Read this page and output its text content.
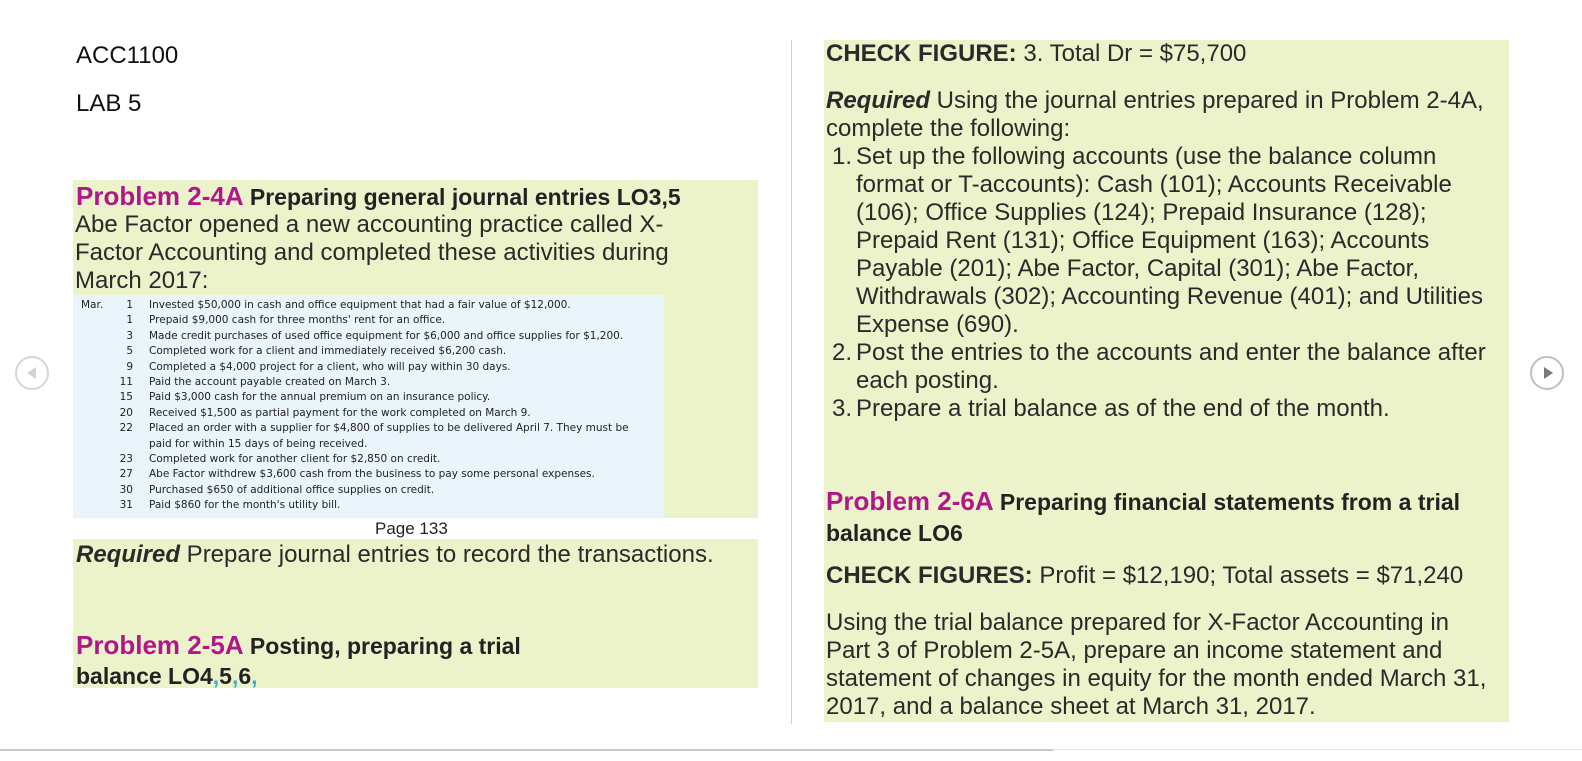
ACC1100
LAB 5
Problem 2-4A Preparing general journal entries LO3,5
Abe Factor opened a new accounting practice called X-Factor Accounting and completed these activities during March 2017:
Mar.	1	Invested $50,000 in cash and office equipment that had a fair value of $12,000.
	1	Prepaid $9,000 cash for three months' rent for an office.
	3	Made credit purchases of used office equipment for $6,000 and office supplies for $1,200.
	5	Completed work for a client and immediately received $6,200 cash.
	9	Completed a $4,000 project for a client, who will pay within 30 days.
	11	Paid the account payable created on March 3.
	15	Paid $3,000 cash for the annual premium on an insurance policy.
	20	Received $1,500 as partial payment for the work completed on March 9.
	22	Placed an order with a supplier for $4,800 of supplies to be delivered April 7. They must be paid for within 15 days of being received.
	23	Completed work for another client for $2,850 on credit.
	27	Abe Factor withdrew $3,600 cash from the business to pay some personal expenses.
	30	Purchased $650 of additional office supplies on credit.
	31	Paid $860 for the month's utility bill.
Page 133
Required Prepare journal entries to record the transactions.
Problem 2-5A Posting, preparing a trial
balance LO4,5,6,
CHECK FIGURE: 3. Total Dr = $75,700
Required Using the journal entries prepared in Problem 2-4A, complete the following:
1. Set up the following accounts (use the balance column format or T-accounts): Cash (101); Accounts Receivable (106); Office Supplies (124); Prepaid Insurance (128); Prepaid Rent (131); Office Equipment (163); Accounts Payable (201); Abe Factor, Capital (301); Abe Factor, Withdrawals (302); Accounting Revenue (401); and Utilities Expense (690).
2. Post the entries to the accounts and enter the balance after each posting.
3. Prepare a trial balance as of the end of the month.
Problem 2-6A Preparing financial statements from a trial balance LO6
CHECK FIGURES: Profit = $12,190; Total assets = $71,240
Using the trial balance prepared for X-Factor Accounting in Part 3 of Problem 2-5A, prepare an income statement and statement of changes in equity for the month ended March 31, 2017, and a balance sheet at March 31, 2017.
